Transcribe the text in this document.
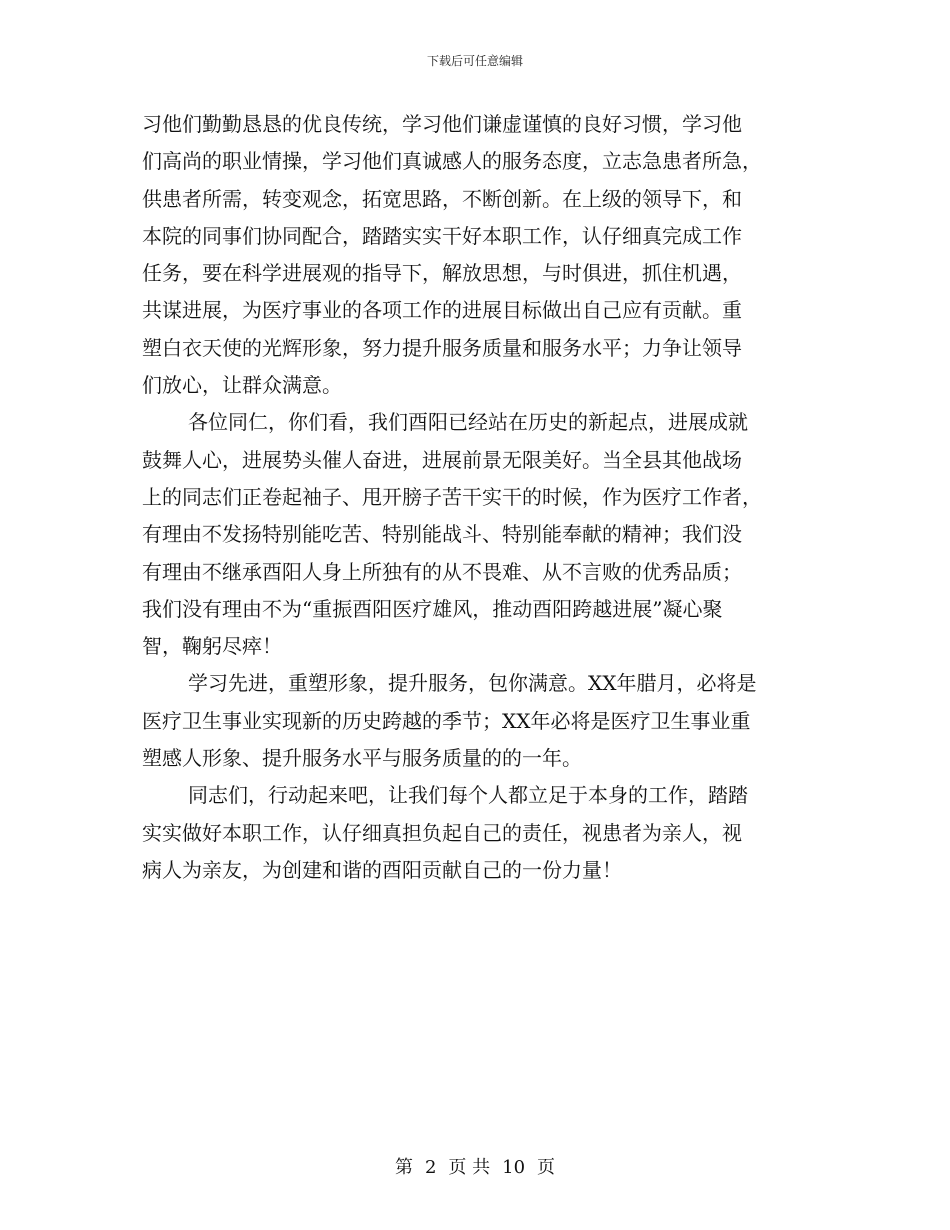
下载后可任意编辑
习他们勤勤恳恳的优良传统，学习他们谦虚谨慎的良好习惯，学习他
们高尚的职业情操，学习他们真诚感人的服务态度，立志急患者所急，
供患者所需，转变观念，拓宽思路，不断创新。在上级的领导下，和
本院的同事们协同配合，踏踏实实干好本职工作，认仔细真完成工作
任务，要在科学进展观的指导下，解放思想，与时俱进，抓住机遇，
共谋进展，为医疗事业的各项工作的进展目标做出自己应有贡献。重
塑白衣天使的光辉形象，努力提升服务质量和服务水平；力争让领导
们放心，让群众满意。
各位同仁，你们看，我们酉阳已经站在历史的新起点，进展成就
鼓舞人心，进展势头催人奋进，进展前景无限美好。当全县其他战场
上的同志们正卷起袖子、甩开膀子苦干实干的时候，作为医疗工作者，
有理由不发扬特别能吃苦、特别能战斗、特别能奉献的精神；我们没
有理由不继承酉阳人身上所独有的从不畏难、从不言败的优秀品质；
我们没有理由不为“重振酉阳医疗雄风，推动酉阳跨越进展”凝心聚
智，鞠躬尽瘁！
学习先进，重塑形象，提升服务，包你满意。XX年腊月，必将是
医疗卫生事业实现新的历史跨越的季节；XX年必将是医疗卫生事业重
塑感人形象、提升服务水平与服务质量的的一年。
同志们，行动起来吧，让我们每个人都立足于本身的工作，踏踏
实实做好本职工作，认仔细真担负起自己的责任，视患者为亲人，视
病人为亲友，为创建和谐的酉阳贡献自己的一份力量！
第 2 页 共 10 页
